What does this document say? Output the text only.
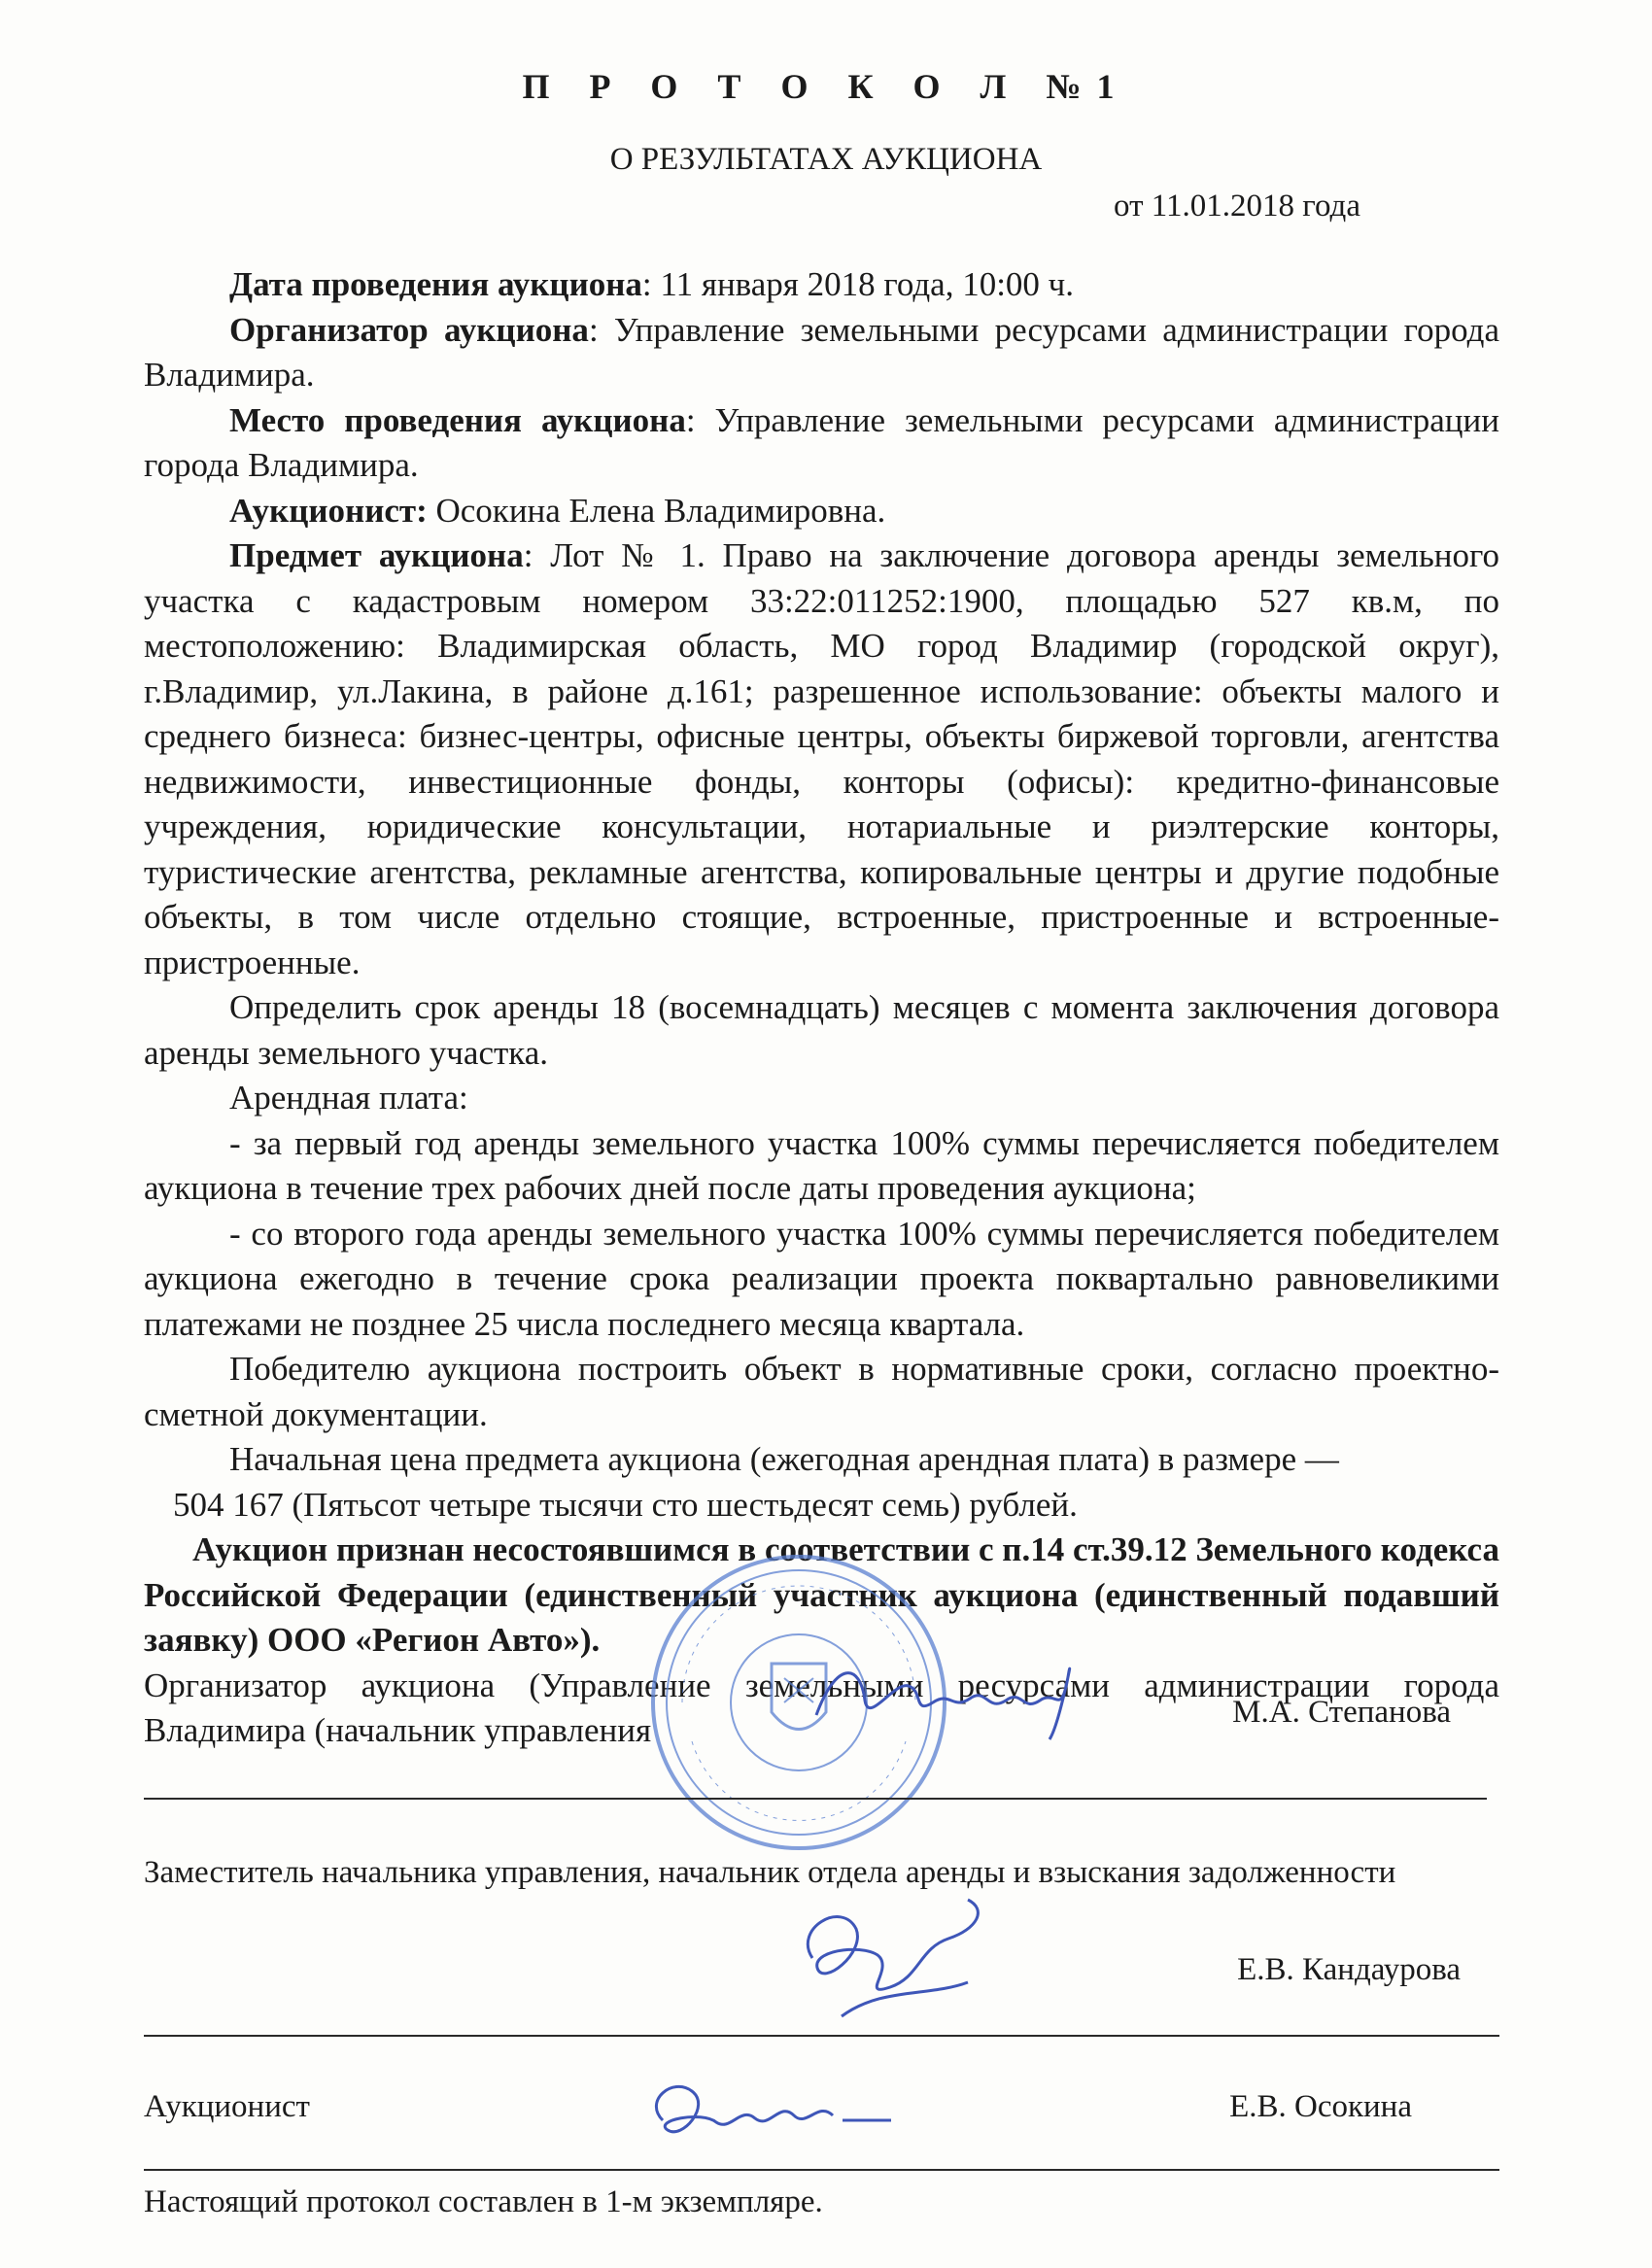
П Р О Т О К О Л №1
О РЕЗУЛЬТАТАХ АУКЦИОНА
от 11.01.2018 года

Дата проведения аукциона: 11 января 2018 года, 10:00 ч.

Организатор аукциона: Управление земельными ресурсами администрации города Владимира.

Место проведения аукциона: Управление земельными ресурсами администрации города Владимира.

Аукционист: Осокина Елена Владимировна.

Предмет аукциона: Лот № 1. Право на заключение договора аренды земельного участка с кадастровым номером 33:22:011252:1900, площадью 527 кв.м, по местоположению: Владимирская область, МО город Владимир (городской округ), г.Владимир, ул.Лакина, в районе д.161; разрешенное использование: объекты малого и среднего бизнеса: бизнес-центры, офисные центры, объекты биржевой торговли, агентства недвижимости, инвестиционные фонды, конторы (офисы): кредитно-финансовые учреждения, юридические консультации, нотариальные и риэлтерские конторы, туристические агентства, рекламные агентства, копировальные центры и другие подобные объекты, в том числе отдельно стоящие, встроенные, пристроенные и встроенные-пристроенные.

Определить срок аренды 18 (восемнадцать) месяцев с момента заключения договора аренды земельного участка.

Арендная плата:

- за первый год аренды земельного участка 100% суммы перечисляется победителем аукциона в течение трех рабочих дней после даты проведения аукциона;

- со второго года аренды земельного участка 100% суммы перечисляется победителем аукциона ежегодно в течение срока реализации проекта поквартально равновеликими платежами не позднее 25 числа последнего месяца квартала.

Победителю аукциона построить объект в нормативные сроки, согласно проектно-сметной документации.

Начальная цена предмета аукциона (ежегодная арендная плата) в размере —

504 167 (Пятьсот четыре тысячи сто шестьдесят семь) рублей.

Аукцион признан несостоявшимся в соответствии с п.14 ст.39.12 Земельного кодекса Российской Федерации (единственный участник аукциона (единственный подавший заявку) ООО «Регион Авто»).

Организатор аукциона (Управление земельными ресурсами администрации города Владимира (начальник управления	М.А. Степанова
Заместитель начальника управления, начальник отдела аренды и взыскания задолженности
Е.В. Кандаурова
Аукционист	Е.В. Осокина
Настоящий протокол составлен в 1-м экземпляре.
